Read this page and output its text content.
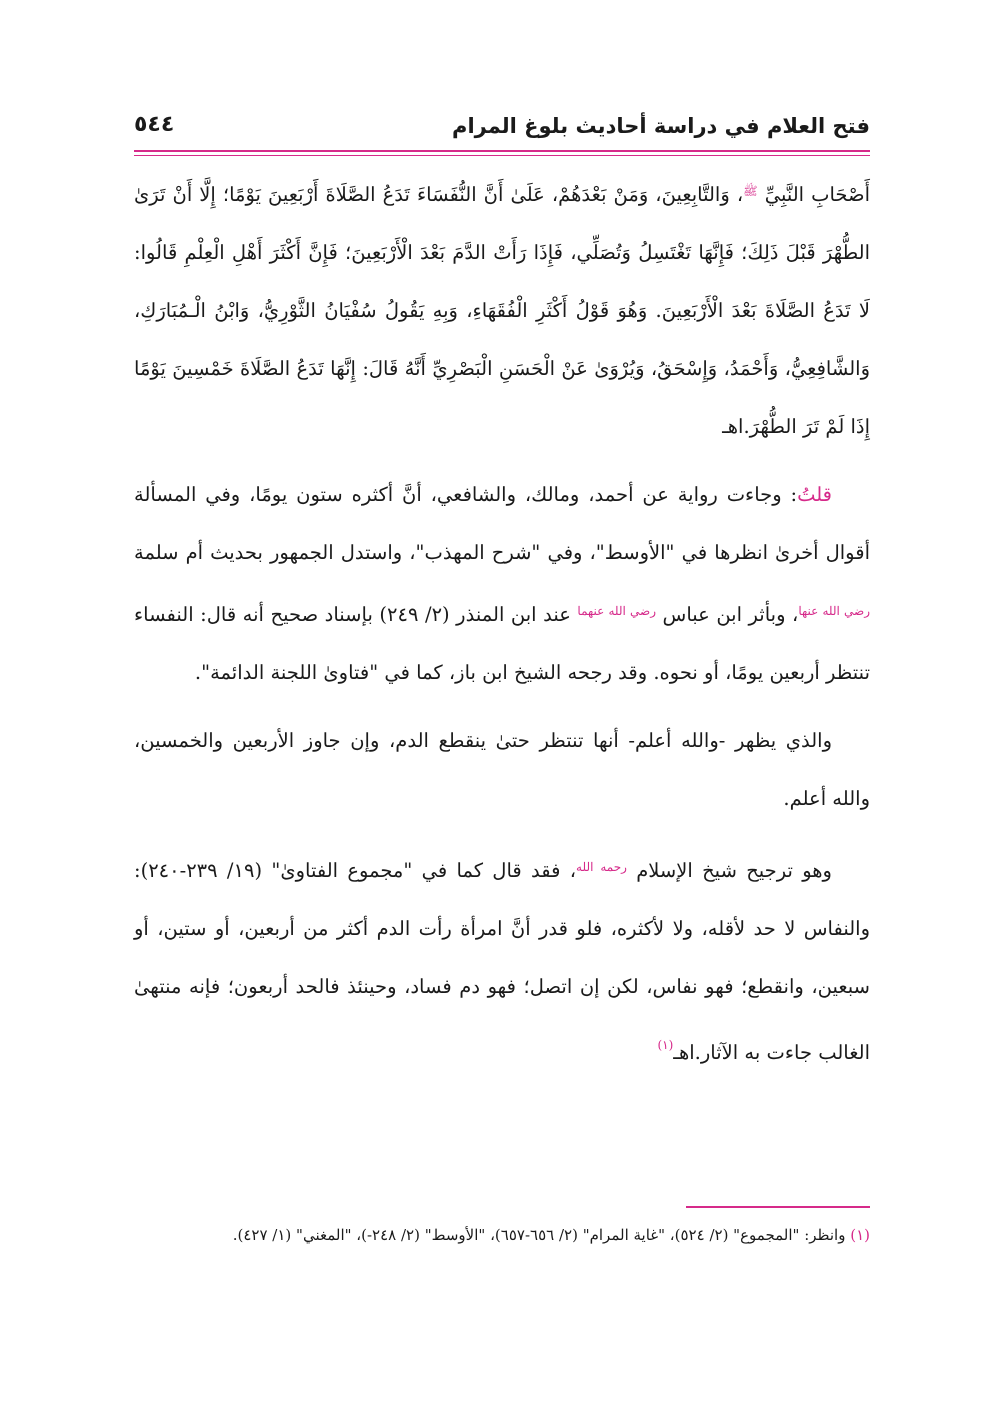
فتح العلام في دراسة أحاديث بلوغ المرام
٥٤٤

أَصْحَابِ النَّبِيِّ $^ﷺ$، وَالتَّابِعِينَ، وَمَنْ بَعْدَهُمْ، عَلَىٰ أَنَّ النُّفَسَاءَ تَدَعُ الصَّلَاةَ أَرْبَعِينَ يَوْمًا؛ إِلَّا أَنْ تَرَىٰ الطُّهْرَ قَبْلَ ذَلِكَ؛ فَإِنَّهَا تَغْتَسِلُ وَتُصَلِّي، فَإِذَا رَأَتْ الدَّمَ بَعْدَ الْأَرْبَعِينَ؛ فَإِنَّ أَكْثَرَ أَهْلِ الْعِلْمِ قَالُوا: لَا تَدَعُ الصَّلَاةَ بَعْدَ الْأَرْبَعِينَ. وَهُوَ قَوْلُ أَكْثَرِ الْفُقَهَاءِ، وَبِهِ يَقُولُ سُفْيَانُ الثَّوْرِيُّ، وَابْنُ الْـمُبَارَكِ، وَالشَّافِعِيُّ، وَأَحْمَدُ، وَإِسْحَقُ، وَيُرْوَىٰ عَنْ الْحَسَنِ الْبَصْرِيِّ أَنَّهُ قَالَ: إِنَّهَا تَدَعُ الصَّلَاةَ خَمْسِينَ يَوْمًا إِذَا لَمْ تَرَ الطُّهْرَ.اهـ

قلتُ: وجاءت رواية عن أحمد، ومالك، والشافعي، أنَّ أكثره ستون يومًا، وفي المسألة أقوال أخرىٰ انظرها في "الأوسط"، وفي "شرح المهذب"، واستدل الجمهور بحديث أم سلمة $^{رضي الله عنها}$، وبأثر ابن عباس $^{رضي الله عنهما}$ عند ابن المنذر (٢/ ٢٤٩) بإسناد صحيح أنه قال: النفساء تنتظر أربعين يومًا، أو نحوه. وقد رجحه الشيخ ابن باز، كما في "فتاوىٰ اللجنة الدائمة".

والذي يظهر -والله أعلم- أنها تنتظر حتىٰ ينقطع الدم، وإن جاوز الأربعين والخمسين، والله أعلم.

وهو ترجيح شيخ الإسلام $^{رحمه الله}$، فقد قال كما في "مجموع الفتاوىٰ" (١٩/ ٢٣٩-٢٤٠): والنفاس لا حد لأقله، ولا لأكثره، فلو قدر أنَّ امرأة رأت الدم أكثر من أربعين، أو ستين، أو سبعين، وانقطع؛ فهو نفاس، لكن إن اتصل؛ فهو دم فساد، وحينئذ فالحد أربعون؛ فإنه منتهىٰ الغالب جاءت به الآثار.اهـ$^{(١)}$

(١) وانظر: "المجموع" (٢/ ٥٢٤)، "غاية المرام" (٢/ ٦٥٦-٦٥٧)، "الأوسط" (٢/ ٢٤٨-)، "المغني" (١/ ٤٢٧).
